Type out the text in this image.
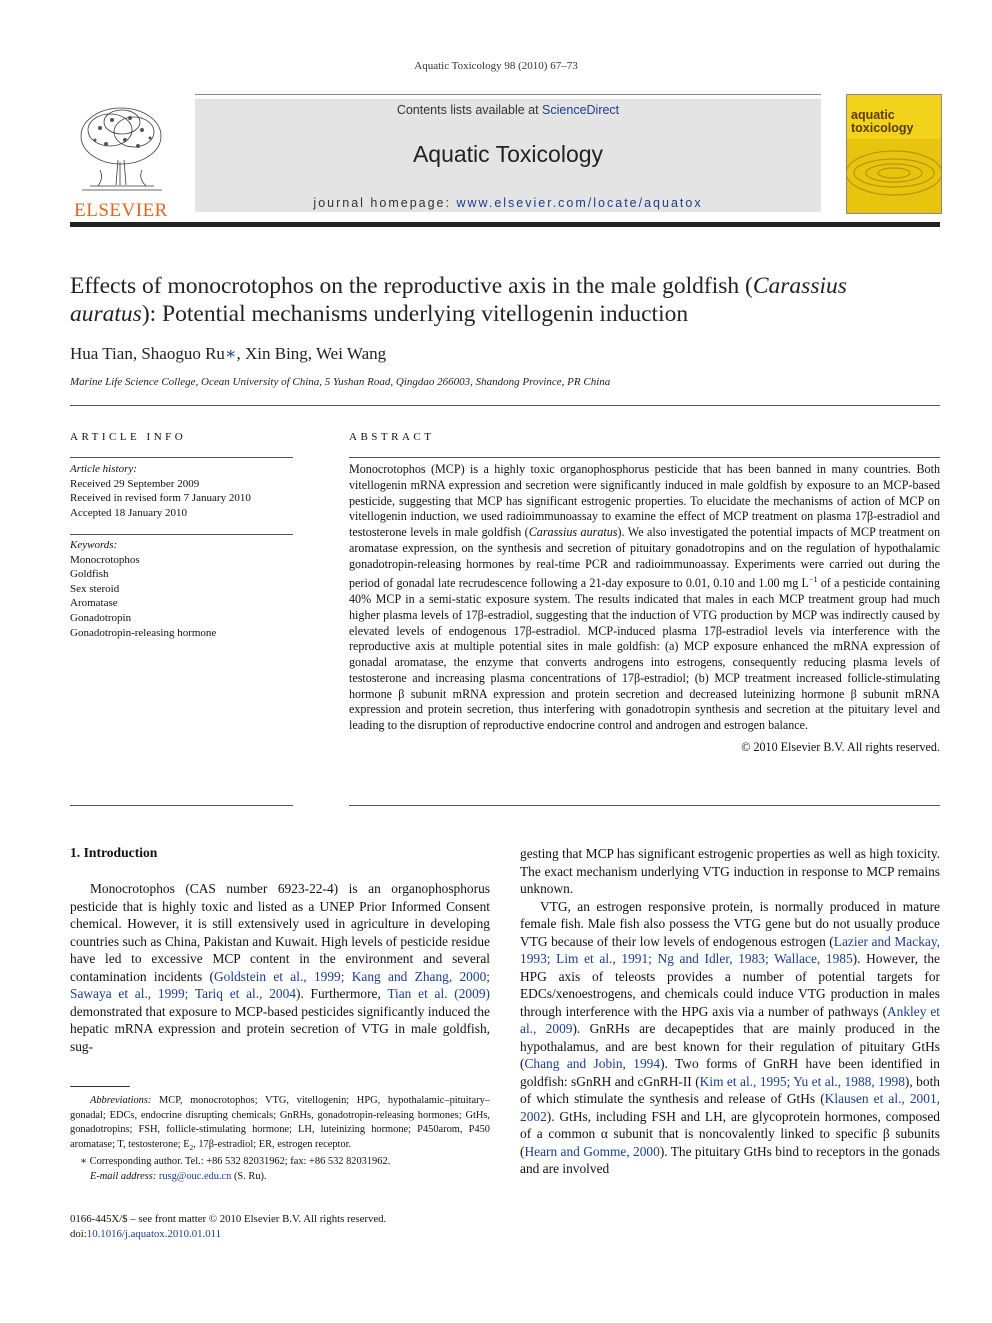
Aquatic Toxicology 98 (2010) 67–73
ELSEVIER
Contents lists available at ScienceDirect
Aquatic Toxicology
journal homepage: www.elsevier.com/locate/aquatox
aquatic
toxicology
Effects of monocrotophos on the reproductive axis in the male goldfish (Carassius
auratus): Potential mechanisms underlying vitellogenin induction
Hua Tian, Shaoguo Ru∗, Xin Bing, Wei Wang
Marine Life Science College, Ocean University of China, 5 Yushan Road, Qingdao 266003, Shandong Province, PR China
ARTICLE INFO
Article history:
Received 29 September 2009
Received in revised form 7 January 2010
Accepted 18 January 2010
Keywords:
Monocrotophos
Goldfish
Sex steroid
Aromatase
Gonadotropin
Gonadotropin-releasing hormone
ABSTRACT

Monocrotophos (MCP) is a highly toxic organophosphorus pesticide that has been banned in many countries. Both vitellogenin mRNA expression and secretion were significantly induced in male goldfish by exposure to an MCP-based pesticide, suggesting that MCP has significant estrogenic properties. To elucidate the mechanisms of action of MCP on vitellogenin induction, we used radioimmunoassay to examine the effect of MCP treatment on plasma 17β-estradiol and testosterone levels in male goldfish (Carassius auratus). We also investigated the potential impacts of MCP treatment on aromatase expression, on the synthesis and secretion of pituitary gonadotropins and on the regulation of hypothalamic gonadotropin-releasing hormones by real-time PCR and radioimmunoassay. Experiments were carried out during the period of gonadal late recrudescence following a 21-day exposure to 0.01, 0.10 and 1.00 mg $L^{-1}$ of a pesticide containing 40% MCP in a semi-static exposure system. The results indicated that males in each MCP treatment group had much higher plasma levels of 17β-estradiol, suggesting that the induction of VTG production by MCP was indirectly caused by elevated levels of endogenous 17β-estradiol. MCP-induced plasma 17β-estradiol levels via interference with the reproductive axis at multiple potential sites in male goldfish: (a) MCP exposure enhanced the mRNA expression of gonadal aromatase, the enzyme that converts androgens into estrogens, consequently reducing plasma levels of testosterone and increasing plasma concentrations of 17β-estradiol; (b) MCP treatment increased follicle-stimulating hormone β subunit mRNA expression and protein secretion and decreased luteinizing hormone β subunit mRNA expression and protein secretion, thus interfering with gonadotropin synthesis and secretion at the pituitary level and leading to the disruption of reproductive endocrine control and androgen and estrogen balance.

© 2010 Elsevier B.V. All rights reserved.
1. Introduction

Monocrotophos (CAS number 6923-22-4) is an organophosphorus pesticide that is highly toxic and listed as a UNEP Prior Informed Consent chemical. However, it is still extensively used in agriculture in developing countries such as China, Pakistan and Kuwait. High levels of pesticide residue have led to excessive MCP content in the environment and several contamination incidents (Goldstein et al., 1999; Kang and Zhang, 2000; Sawaya et al., 1999; Tariq et al., 2004). Furthermore, Tian et al. (2009) demonstrated that exposure to MCP-based pesticides significantly induced the hepatic mRNA expression and protein secretion of VTG in male goldfish, sug-

gesting that MCP has significant estrogenic properties as well as high toxicity. The exact mechanism underlying VTG induction in response to MCP remains unknown.

VTG, an estrogen responsive protein, is normally produced in mature female fish. Male fish also possess the VTG gene but do not usually produce VTG because of their low levels of endogenous estrogen (Lazier and Mackay, 1993; Lim et al., 1991; Ng and Idler, 1983; Wallace, 1985). However, the HPG axis of teleosts provides a number of potential targets for EDCs/xenoestrogens, and chemicals could induce VTG production in males through interference with the HPG axis via a number of pathways (Ankley et al., 2009). GnRHs are decapeptides that are mainly produced in the hypothalamus, and are best known for their regulation of pituitary GtHs (Chang and Jobin, 1994). Two forms of GnRH have been identified in goldfish: sGnRH and cGnRH-II (Kim et al., 1995; Yu et al., 1988, 1998), both of which stimulate the synthesis and release of GtHs (Klausen et al., 2001, 2002). GtHs, including FSH and LH, are glycoprotein hormones, composed of a common α subunit that is noncovalently linked to specific β subunits (Hearn and Gomme, 2000). The pituitary GtHs bind to receptors in the gonads and are involved

Abbreviations: MCP, monocrotophos; VTG, vitellogenin; HPG, hypothalamic–pituitary–gonadal; EDCs, endocrine disrupting chemicals; GnRHs, gonadotropin-releasing hormones; GtHs, gonadotropins; FSH, follicle-stimulating hormone; LH, luteinizing hormone; P450arom, P450 aromatase; T, testosterone; $E_2$, 17β-estradiol; ER, estrogen receptor.
∗ Corresponding author. Tel.: +86 532 82031962; fax: +86 532 82031962.
E-mail address: rusg@ouc.edu.cn (S. Ru).
0166-445X/$ – see front matter © 2010 Elsevier B.V. All rights reserved.
doi:10.1016/j.aquatox.2010.01.011
